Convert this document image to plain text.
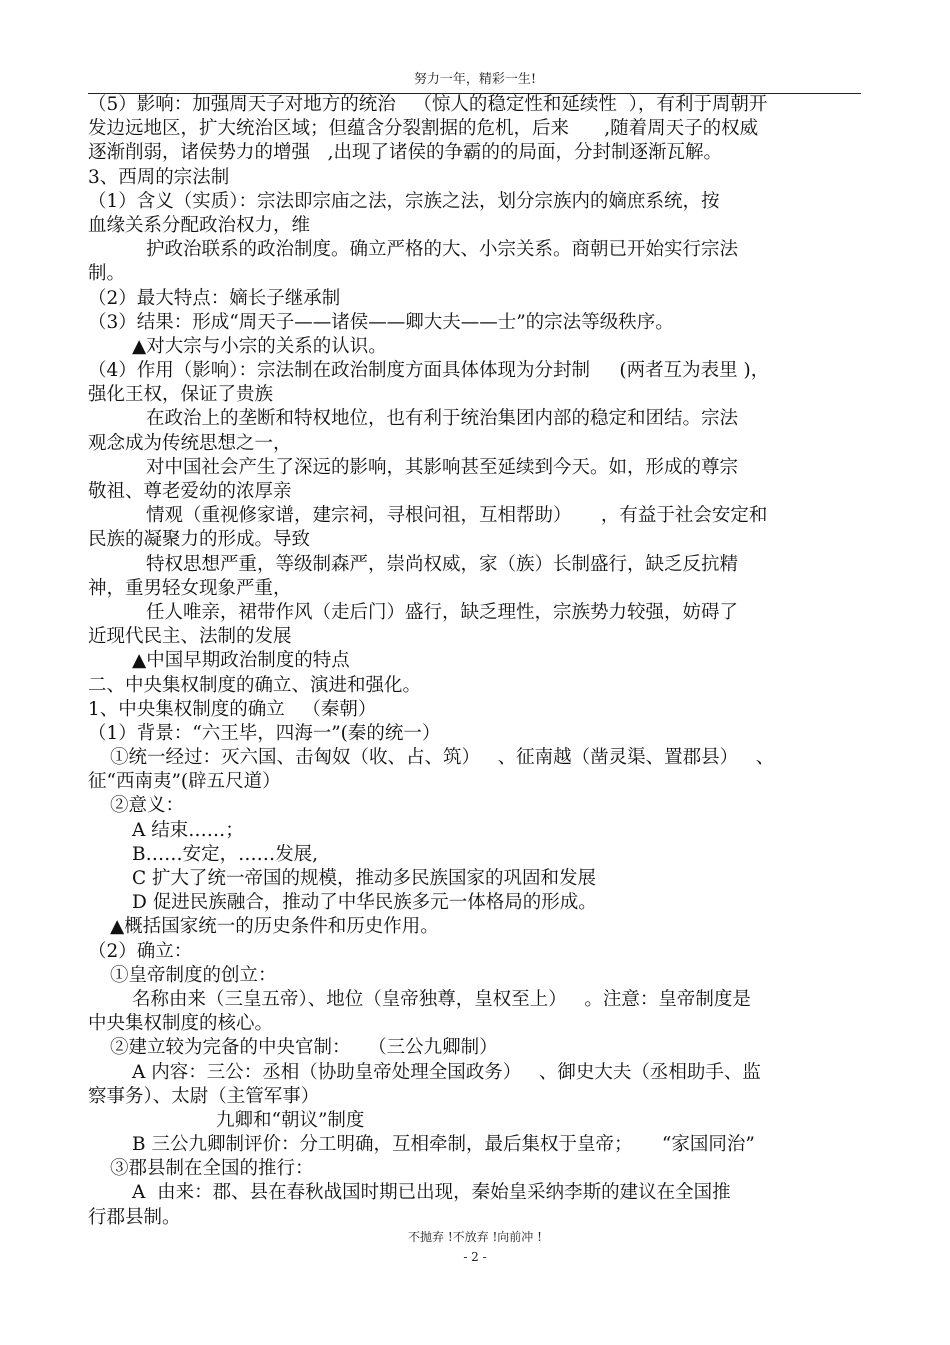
努力一年，精彩一生!
（5）影响：加强周天子对地方的统治   （惊人的稳定性和延续性  ），有利于周朝开
发边远地区，扩大统治区域；但蕴含分裂割据的危机，后来      ,随着周天子的权威
逐渐削弱，诸侯势力的增强   ,出现了诸侯的争霸的的局面，分封制逐渐瓦解。
3、西周的宗法制
（1）含义（实质）：宗法即宗庙之法，宗族之法，划分宗族内的嫡庶系统，按
血缘关系分配政治权力，维
护政治联系的政治制度。确立严格的大、小宗关系。商朝已开始实行宗法
制。
（2）最大特点：嫡长子继承制
（3）结果：形成“周天子——诸侯——卿大夫——士”的宗法等级秩序。
▲对大宗与小宗的关系的认识。
（4）作用（影响）：宗法制在政治制度方面具体体现为分封制     (两者互为表里 )，
强化王权，保证了贵族
在政治上的垄断和特权地位，也有利于统治集团内部的稳定和团结。宗法
观念成为传统思想之一，
对中国社会产生了深远的影响，其影响甚至延续到今天。如，形成的尊宗
敬祖、尊老爱幼的浓厚亲
情观（重视修家谱，建宗祠，寻根问祖，互相帮助）     ，有益于社会安定和
民族的凝聚力的形成。导致
特权思想严重，等级制森严，崇尚权威，家（族）长制盛行，缺乏反抗精
神，重男轻女现象严重，
任人唯亲，裙带作风（走后门）盛行，缺乏理性，宗族势力较强，妨碍了
近现代民主、法制的发展
▲中国早期政治制度的特点
二、中央集权制度的确立、演进和强化。
1、中央集权制度的确立   （秦朝）
（1）背景：“六王毕，四海一”(秦的统一）
①统一经过：灭六国、击匈奴（收、占、筑）   、征南越（凿灵渠、置郡县）   、
征“西南夷”(辟五尺道）
②意义：
A 结束……；
B……安定，……发展,
C 扩大了统一帝国的规模，推动多民族国家的巩固和发展
D 促进民族融合，推动了中华民族多元一体格局的形成。
▲概括国家统一的历史条件和历史作用。
（2）确立：
①皇帝制度的创立：
名称由来（三皇五帝）、地位（皇帝独尊，皇权至上）   。注意：皇帝制度是
中央集权制度的核心。
②建立较为完备的中央官制：   （三公九卿制）
A 内容：三公：丞相（协助皇帝处理全国政务）   、御史大夫（丞相助手、监
察事务）、太尉（主管军事）
九卿和“朝议”制度
B 三公九卿制评价：分工明确，互相牵制，最后集权于皇帝；     “家国同治”
③郡县制在全国的推行：
A  由来：郡、县在春秋战国时期已出现，秦始皇采纳李斯的建议在全国推
行郡县制。
不抛弃 !不放弃 !向前冲 !
- 2 -
